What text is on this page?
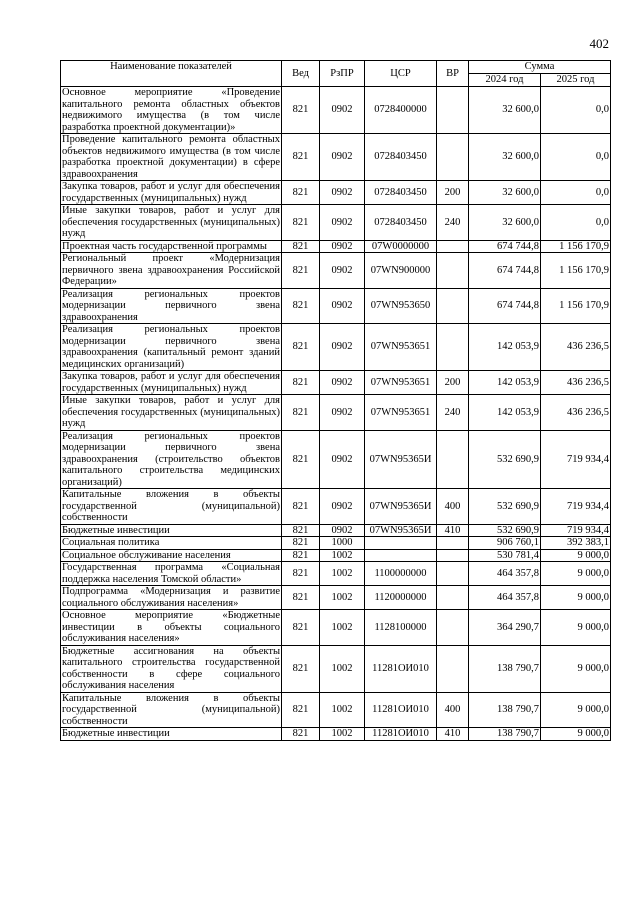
402
Наименование показателей	Вед	РзПР	ЦСР	ВР	Сумма	
					2024 год	2025 год
Основное мероприятие «Проведение капитального ремонта областных объектов недвижимого имущества (в том числе разработка проектной документации)»	821	0902	0728400000		32 600,0	0,0
Проведение капитального ремонта областных объектов недвижимого имущества (в том числе разработка проектной документации) в сфере здравоохранения	821	0902	0728403450		32 600,0	0,0
Закупка товаров, работ и услуг для обеспечения государственных (муниципальных) нужд	821	0902	0728403450	200	32 600,0	0,0
Иные закупки товаров, работ и услуг для обеспечения государственных (муниципальных) нужд	821	0902	0728403450	240	32 600,0	0,0
Проектная часть государственной программы	821	0902	07W0000000		674 744,8	1 156 170,9
Региональный проект «Модернизация первичного звена здравоохранения Российской Федерации»	821	0902	07WN900000		674 744,8	1 156 170,9
Реализация региональных проектов модернизации первичного звена здравоохранения	821	0902	07WN953650		674 744,8	1 156 170,9
Реализация региональных проектов модернизации первичного звена здравоохранения (капитальный ремонт зданий медицинских организаций)	821	0902	07WN953651		142 053,9	436 236,5
Закупка товаров, работ и услуг для обеспечения государственных (муниципальных) нужд	821	0902	07WN953651	200	142 053,9	436 236,5
Иные закупки товаров, работ и услуг для обеспечения государственных (муниципальных) нужд	821	0902	07WN953651	240	142 053,9	436 236,5
Реализация региональных проектов модернизации первичного звена здравоохранения (строительство объектов капитального строительства медицинских организаций)	821	0902	07WN95365И		532 690,9	719 934,4
Капитальные вложения в объекты государственной (муниципальной) собственности	821	0902	07WN95365И	400	532 690,9	719 934,4
Бюджетные инвестиции	821	0902	07WN95365И	410	532 690,9	719 934,4
Социальная политика	821	1000			906 760,1	392 383,1
Социальное обслуживание населения	821	1002			530 781,4	9 000,0
Государственная программа «Социальная поддержка населения Томской области»	821	1002	1100000000		464 357,8	9 000,0
Подпрограмма «Модернизация и развитие социального обслуживания населения»	821	1002	1120000000		464 357,8	9 000,0
Основное мероприятие «Бюджетные инвестиции в объекты социального обслуживания населения»	821	1002	1128100000		364 290,7	9 000,0
Бюджетные ассигнования на объекты капитального строительства государственной собственности в сфере социального обслуживания населения	821	1002	11281ОИ010		138 790,7	9 000,0
Капитальные вложения в объекты государственной (муниципальной) собственности	821	1002	11281ОИ010	400	138 790,7	9 000,0
Бюджетные инвестиции	821	1002	11281ОИ010	410	138 790,7	9 000,0
